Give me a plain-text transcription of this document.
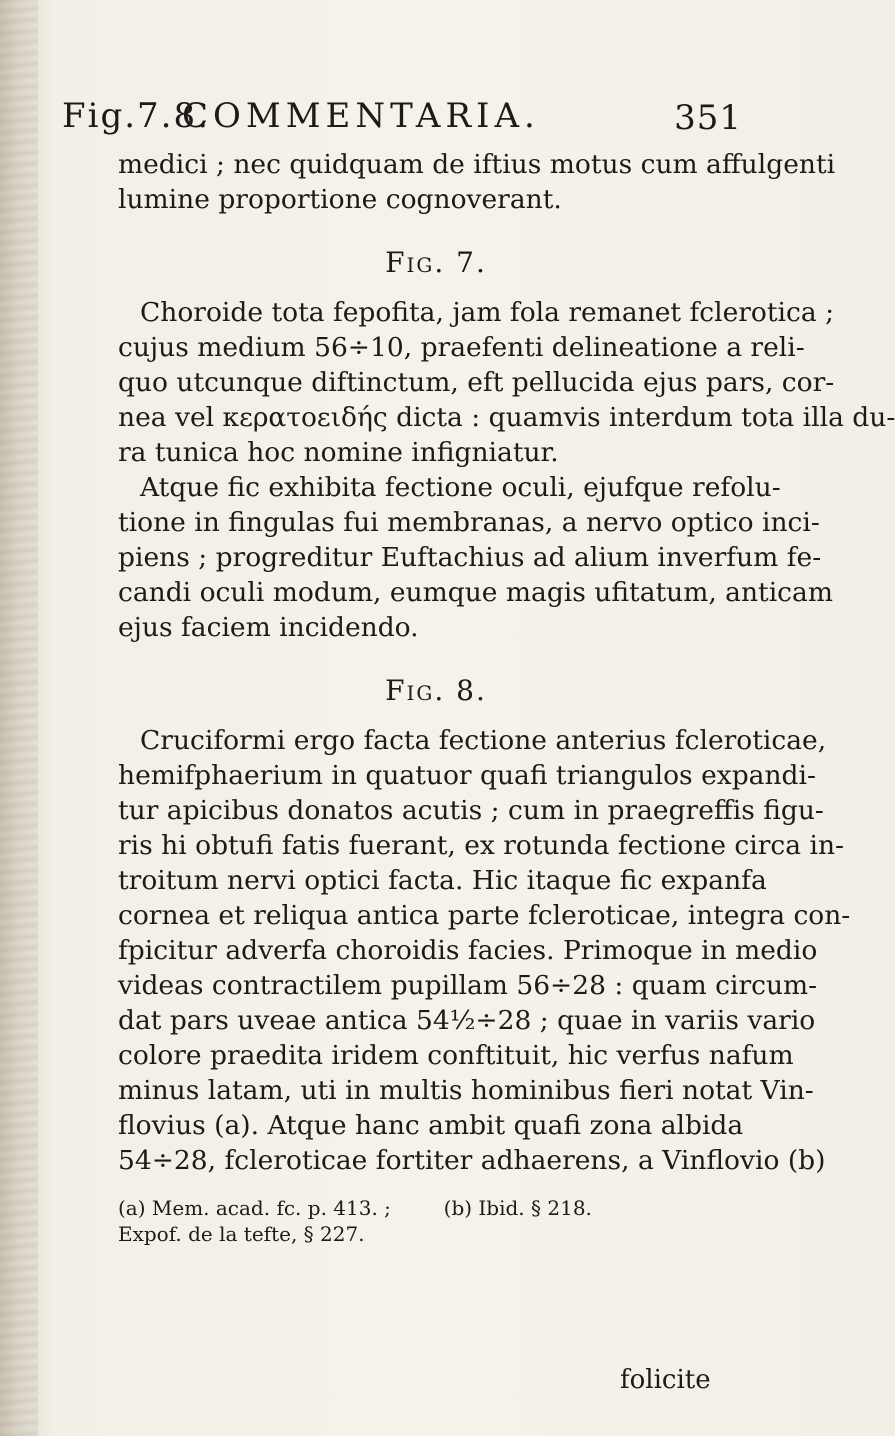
Fig.7.8.
COMMENTARIA.	351
medici ; nec quidquam de iftius motus cum affulgenti
lumine proportione cognoverant.
Fig. 7.
Choroide tota fepofita, jam fola remanet fclerotica ;
cujus medium 56÷10, praefenti delineatione a reli-
quo utcunque diftinctum, eft pellucida ejus pars, cor-
nea vel κερατοειδής dicta : quamvis interdum tota illa du-
ra tunica hoc nomine infigniatur.
Atque fic exhibita fectione oculi, ejufque refolu-
tione in fingulas fui membranas, a nervo optico inci-
piens ; progreditur Euftachius ad alium inverfum fe-
candi oculi modum, eumque magis ufitatum, anticam
ejus faciem incidendo.
Fig. 8.
Cruciformi ergo facta fectione anterius fcleroticae,
hemifphaerium in quatuor quafi triangulos expandi-
tur apicibus donatos acutis ; cum in praegreffis figu-
ris hi obtufi fatis fuerant, ex rotunda fectione circa in-
troitum nervi optici facta. Hic itaque fic expanfa
cornea et reliqua antica parte fcleroticae, integra con-
fpicitur adverfa choroidis facies. Primoque in medio
videas contractilem pupillam 56÷28 : quam circum-
dat pars uveae antica 54½÷28 ; quae in variis vario
colore praedita iridem conftituit, hic verfus nafum
minus latam, uti in multis hominibus fieri notat Vin-
flovius (a). Atque hanc ambit quafi zona albida
54÷28, fcleroticae fortiter adhaerens, a Vinflovio (b)
(a) Mem. acad. fc. p. 413. ;	(b) Ibid. § 218.
Expof. de la tefte, § 227.
folicite
